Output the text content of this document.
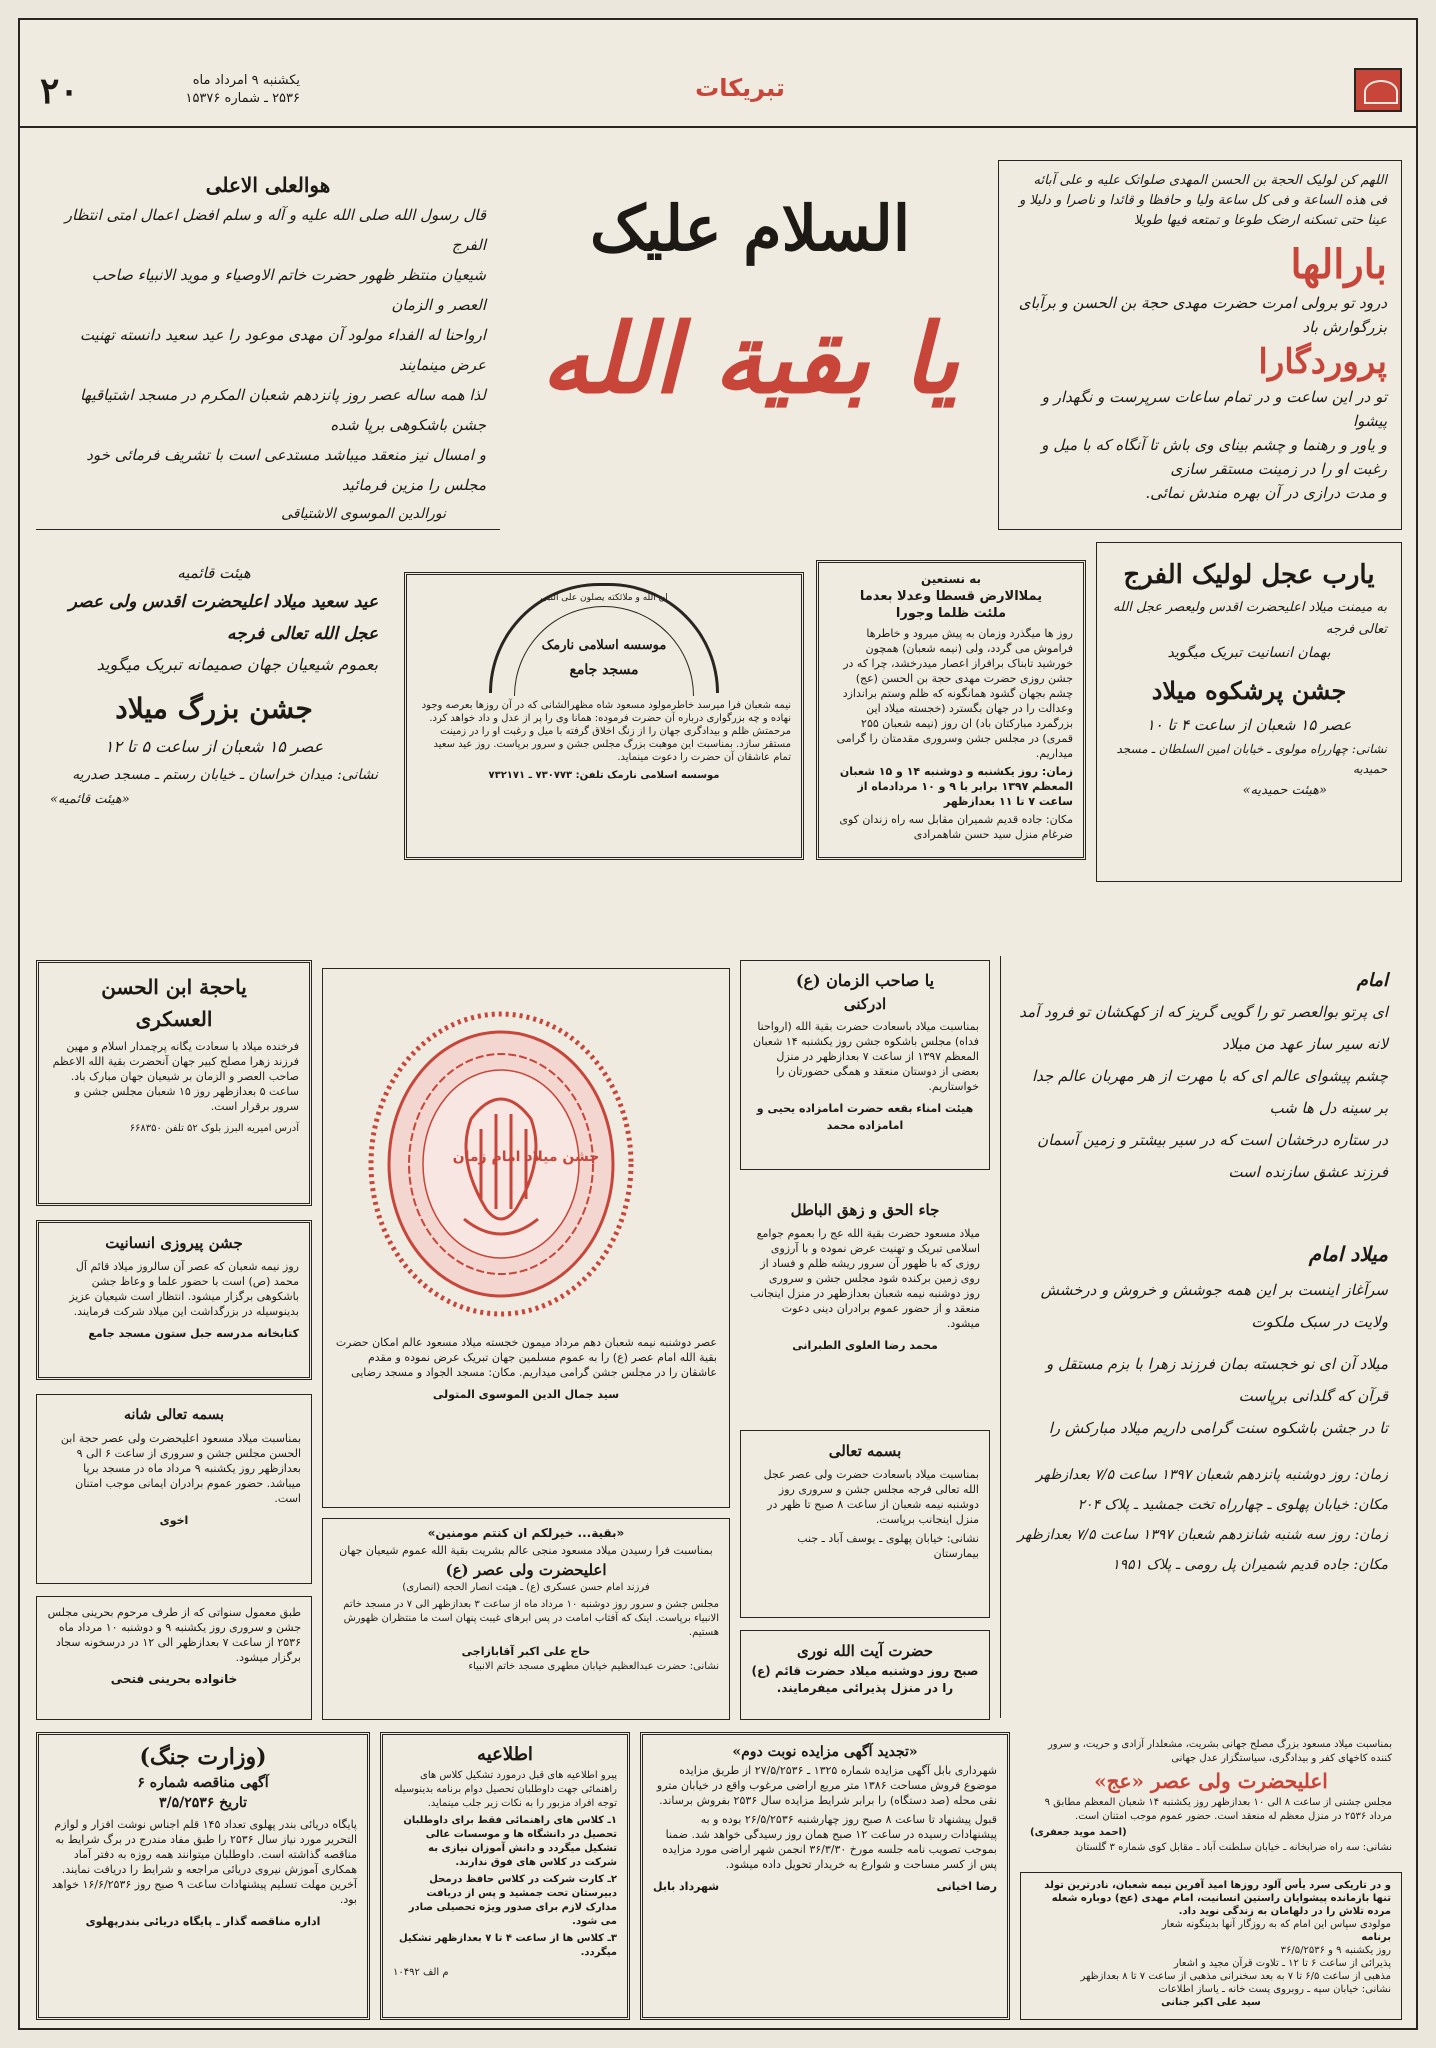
۲۰	یکشنبه ۹ امرداد ماه
۲۵۳۶ ـ شماره ۱۵۳۷۶	تبریکات
اللهم کن لولیک الحجة بن الحسن المهدی صلواتک علیه و علی آبائه فی هذه الساعة و فی کل ساعة ولیا و حافظا و قائدا و ناصرا و دلیلا و عینا حتی تسکنه ارضک طوعا و تمتعه فیها طویلا
بارالها
درود تو برولی امرت حضرت مهدی حجة بن الحسن و برآبای بزرگوارش باد
پروردگارا
تو در این ساعت و در تمام ساعات سرپرست و نگهدار و پیشوا
و یاور و رهنما و چشم بینای وی باش تا آنگاه که با میل و رغبت او را در زمینت مستقر سازی
و مدت درازی در آن بهره مندش نمائی.
السلام علیک
یا بقیة الله
هوالعلی الاعلی
قال رسول الله صلی الله علیه و آله و سلم افضل اعمال امتی انتظار الفرج
شیعیان منتظر ظهور حضرت خاتم الاوصیاء و موید الانبیاء صاحب العصر و الزمان
ارواحنا له الفداء مولود آن مهدی موعود را عید سعید دانسته تهنیت عرض مینمایند
لذا همه ساله عصر روز پانزدهم شعبان المکرم در مسجد اشتیاقیها جشن باشکوهی برپا شده
و امسال نیز منعقد میباشد مستدعی است با تشریف فرمائی خود مجلس را مزین فرمائید
نورالدین الموسوی الاشتیاقی
یارب عجل لولیک الفرج
به میمنت میلاد اعلیحضرت اقدس ولیعصر عجل الله تعالی فرجه
بهمان انسانیت تبریک میگوید
جشن پرشکوه میلاد
عصر ۱۵ شعبان از ساعت ۴ تا ۱۰
نشانی: چهارراه مولوی ـ خیابان امین السلطان ـ مسجد حمیدیه
«هیئت حمیدیه»
به نستعین
یملاالارض قسطا وعدلا بعدما
ملئت ظلما وجورا
روز ها میگذرد وزمان به پیش میرود و خاطرها فراموش می گردد، ولی (نیمه شعبان) همچون خورشید تابناک برافراز اعصار میدرخشد، چرا که در جشن روزی حضرت مهدی حجة بن الحسن (عج) چشم بجهان گشود همانگونه که ظلم وستم براندازد وعدالت را در جهان بگسترد (خجسته میلاد این بزرگمرد مبارکتان باد) ان روز (نیمه شعبان ۲۵۵ قمری) در مجلس جشن وسروری مقدمتان را گرامی میداریم.
زمان: روز یکشنبه و دوشنبه ۱۴ و ۱۵ شعبان المعظم ۱۳۹۷ برابر با ۹ و ۱۰ مردادماه از ساعت ۷ تا ۱۱ بعدازظهر
مکان: جاده قدیم شمیران مقابل سه راه زندان کوی ضرغام منزل سید حسن شاهمرادی
ان الله و ملائکته یصلون علی النبی
موسسه اسلامی نارمک
مسجد جامع
نیمه شعبان فرا میرسد خاطرمولود مسعود شاه مظهرالشانی که در آن روزها بعرصه وجود نهاده و چه بزرگواری درباره آن حضرت فرموده: همانا وی را پر از عدل و داد خواهد کرد. مرحمتش ظلم و بیدادگری جهان را از زنگ اخلاق گرفته با میل و رغبت او را در زمینت مستقر سازد. بمناسبت این موهبت بزرگ مجلس جشن و سرور برپاست. روز عید سعید تمام عاشقان آن حضرت را دعوت مینماید.
موسسه اسلامی نارمک تلفن: ۷۳۰۷۷۳ ـ ۷۳۲۱۷۱
هیئت قائمیه
عید سعید میلاد اعلیحضرت اقدس ولی عصر عجل الله تعالی فرجه
بعموم شیعیان جهان صمیمانه تبریک میگوید
جشن بزرگ میلاد
عصر ۱۵ شعبان از ساعت ۵ تا ۱۲
نشانی: میدان خراسان ـ خیابان رستم ـ مسجد صدریه
«هیئت قائمیه»
امام
ای پرتو بوالعصر تو را گویی گریز که از کهکشان تو فرود آمد لانه سیر ساز عهد من میلاد
چشم پیشوای عالم ای که با مهرت از هر مهربان عالم جدا بر سینه دل ها شب
در ستاره درخشان است که در سیر بیشتر و زمین آسمان فرزند عشق سازنده است
میلاد امام
سرآغاز اینست بر این همه جوشش و خروش و درخشش
ولایت در سبک ملکوت
میلاد آن ای نو خجسته بمان فرزند زهرا با بزم مستقل و قرآن که گلدانی برپاست
تا در جشن باشکوه سنت گرامی داریم میلاد مبارکش را
زمان: روز دوشنبه پانزدهم شعبان ۱۳۹۷ ساعت ۷/۵ بعدازظهر
مکان: خیابان پهلوی ـ چهارراه تخت جمشید ـ پلاک ۲۰۴
زمان: روز سه شنبه شانزدهم شعبان ۱۳۹۷ ساعت ۷/۵ بعدازظهر
مکان: جاده قدیم شمیران پل رومی ـ پلاک ۱۹۵۱
یا صاحب الزمان (ع)
ادرکنی
بمناسبت میلاد باسعادت حضرت بقیة الله (ارواحنا فداه) مجلس باشکوه جشن روز یکشنبه ۱۴ شعبان المعظم ۱۳۹۷ از ساعت ۷ بعدازظهر در منزل بعضی از دوستان منعقد و همگی حضورتان را خواستاریم.
هیئت امناء بقعه حضرت امامزاده یحیی و
امامزاده محمد
جاء الحق و زهق الباطل
میلاد مسعود حضرت بقیة الله عج را بعموم جوامع اسلامی تبریک و تهنیت عرض نموده و با آرزوی روزی که با ظهور آن سرور ریشه ظلم و فساد از روی زمین برکنده شود مجلس جشن و سروری روز دوشنبه نیمه شعبان بعدازظهر در منزل اینجانب منعقد و از حضور عموم برادران دینی دعوت میشود.
محمد رضا العلوی الطبرانی
بسمه تعالی
بمناسبت میلاد باسعادت حضرت ولی عصر عجل الله تعالی فرجه مجلس جشن و سروری روز دوشنبه نیمه شعبان از ساعت ۸ صبح تا ظهر در منزل اینجانب برپاست.
نشانی: خیابان پهلوی ـ یوسف آباد ـ جنب بیمارستان
حضرت آیت الله نوری
صبح روز دوشنبه میلاد حضرت قائم (ع)
را در منزل پذیرائی میفرمایند.
جشن میلاد امام زمان
عصر دوشنبه نیمه شعبان دهم مرداد میمون خجسته میلاد مسعود عالم امکان حضرت بقیة الله امام عصر (ع) را به عموم مسلمین جهان تبریک عرض نموده و مقدم عاشقان را در مجلس جشن گرامی میداریم. مکان: مسجد الجواد و مسجد رضایی
سید جمال الدین الموسوی المتولی
یاحجة ابن الحسن
العسکری
فرخنده میلاد با سعادت یگانه پرچمدار اسلام و مهین فرزند زهرا مصلح کبیر جهان آنحضرت بقیة الله الاعظم صاحب العصر و الزمان بر شیعیان جهان مبارک باد. ساعت ۵ بعدازظهر روز ۱۵ شعبان مجلس جشن و سرور برقرار است.
آدرس امیریه البرز بلوک ۵۲ تلفن ۶۶۸۳۵۰
جشن پیروزی انسانیت
روز نیمه شعبان که عصر آن سالروز میلاد قائم آل محمد (ص) است با حضور علما و وعاظ جشن باشکوهی برگزار میشود. انتظار است شیعیان عزیز بدینوسیله در بزرگداشت این میلاد شرکت فرمایند.
کتابخانه مدرسه جبل ستون مسجد جامع
بسمه تعالی شانه
بمناسبت میلاد مسعود اعلیحضرت ولی عصر حجة ابن الحسن مجلس جشن و سروری از ساعت ۶ الی ۹ بعدازظهر روز یکشنبه ۹ مرداد ماه در مسجد برپا میباشد. حضور عموم برادران ایمانی موجب امتنان است.
اخوی
طبق معمول سنواتی که از طرف مرحوم بحرینی مجلس جشن و سروری روز یکشنبه ۹ و دوشنبه ۱۰ مرداد ماه ۲۵۳۶ از ساعت ۷ بعدازظهر الی ۱۲ در درسخونه سجاد برگزار میشود.
خانواده بحرینی فتحی
«بقیة... خیرلکم ان کنتم مومنین»
بمناسبت فرا رسیدن میلاد مسعود منجی عالم بشریت بقیة الله عموم شیعیان جهان
اعلیحضرت ولی عصر (ع)
فرزند امام حسن عسکری (ع) ـ هیئت انصار الحجه (انصاری)
مجلس جشن و سرور روز دوشنبه ۱۰ مرداد ماه از ساعت ۳ بعدازظهر الی ۷ در مسجد خاتم الانبیاء برپاست. اینک که آفتاب امامت در پس ابرهای غیبت پنهان است ما منتظران ظهورش هستیم.
حاج علی اکبر آقابازاجی
نشانی: حضرت عبدالعظیم خیابان مطهری مسجد خاتم الانبیاء
بمناسبت میلاد مسعود بزرگ مصلح جهانی بشریت، مشعلدار آزادی و حریت، و سرور کننده کاخهای کفر و بیدادگری، سیاستگزار عدل جهانی
اعلیحضرت ولی عصر «عج»
مجلس جشنی از ساعت ۸ الی ۱۰ بعدازظهر روز یکشنبه ۱۴ شعبان المعظم مطابق ۹ مرداد ۲۵۳۶ در منزل معظم له منعقد است. حضور عموم موجب امتنان است.
(احمد موید جعفری)
نشانی: سه راه ضرابخانه ـ خیابان سلطنت آباد ـ مقابل کوی شماره ۳ گلستان
و در تاریکی سرد یأس آلود روزها امید آفرین نیمه شعبان، نادرترین تولد تنها بازمانده پیشوایان راستین انسانیت، امام مهدی (عج) دوباره شعله مرده تلاش را در دلهامان به زندگی نوید داد.
مولودی سپاس این امام که به روزگار آنها بدینگونه شعار
برنامه
روز یکشنبه ۹ و ۳۶/۵/۲۵۳۶
پذیرائی از ساعت ۶ تا ۱۲ ـ تلاوت قرآن مجید و اشعار
مذهبی از ساعت ۶/۵ تا ۷ به بعد سخنرانی مذهبی از ساعت ۷ تا ۸ بعدازظهر
نشانی: خیابان سپه ـ روبروی پست خانه ـ یاساز اطلاعات
سید علی اکبر جنانی
«تجدید آگهی مزایده نوبت دوم»
شهرداری بابل آگهی مزایده شماره ۱۳۲۵ ـ ۲۷/۵/۲۵۳۶ از طریق مزایده موضوع فروش مساحت ۱۳۸۶ متر مربع اراضی مرغوب واقع در خیابان مترو نقی محله (صد دستگاه) را برابر شرایط مزایده سال ۲۵۳۶ بفروش برساند.
قبول پیشنهاد تا ساعت ۸ صبح روز چهارشنبه ۲۶/۵/۲۵۳۶ بوده و به پیشنهادات رسیده در ساعت ۱۲ صبح همان روز رسیدگی خواهد شد. ضمنا بموجب تصویب نامه جلسه مورخ ۳۶/۳/۳۰ انجمن شهر اراضی مورد مزایده پس از کسر مساحت و شوارع به خریدار تحویل داده میشود.
رضا اخیانی
شهرداد بابل
اطلاعیه
پیرو اطلاعیه های قبل درمورد تشکیل کلاس های راهنمائی جهت داوطلبان تحصیل دوام برنامه بدینوسیله توجه افراد مزبور را به نکات زیر جلب مینماید.
۱ـ کلاس های راهنمائی فقط برای داوطلبان تحصیل در دانشگاه ها و موسسات عالی تشکیل میگردد و دانش آموزان نیازی به شرکت در کلاس های فوق ندارند.
۲ـ کارت شرکت در کلاس حافظ درمحل دبیرستان تحت جمشید و پس از دریافت مدارک لازم برای صدور ویژه تحصیلی صادر می شود.
۳ـ کلاس ها از ساعت ۴ تا ۷ بعدازظهر تشکیل میگردد.
م الف ۱۰۴۹۲
(وزارت جنگ)
آگهی مناقصه شماره ۶
تاریخ ۳/۵/۲۵۳۶
پایگاه دریائی بندر پهلوی تعداد ۱۴۵ قلم اجناس نوشت افزار و لوازم التحریر مورد نیاز سال ۲۵۳۶ را طبق مفاد مندرج در برگ شرایط به مناقصه گذاشته است. داوطلبان میتوانند همه روزه به دفتر آماد همکاری آموزش نیروی دریائی مراجعه و شرایط را دریافت نمایند. آخرین مهلت تسلیم پیشنهادات ساعت ۹ صبح روز ۱۶/۶/۲۵۳۶ خواهد بود.
اداره مناقصه گذار ـ پایگاه دریائی بندرپهلوی
